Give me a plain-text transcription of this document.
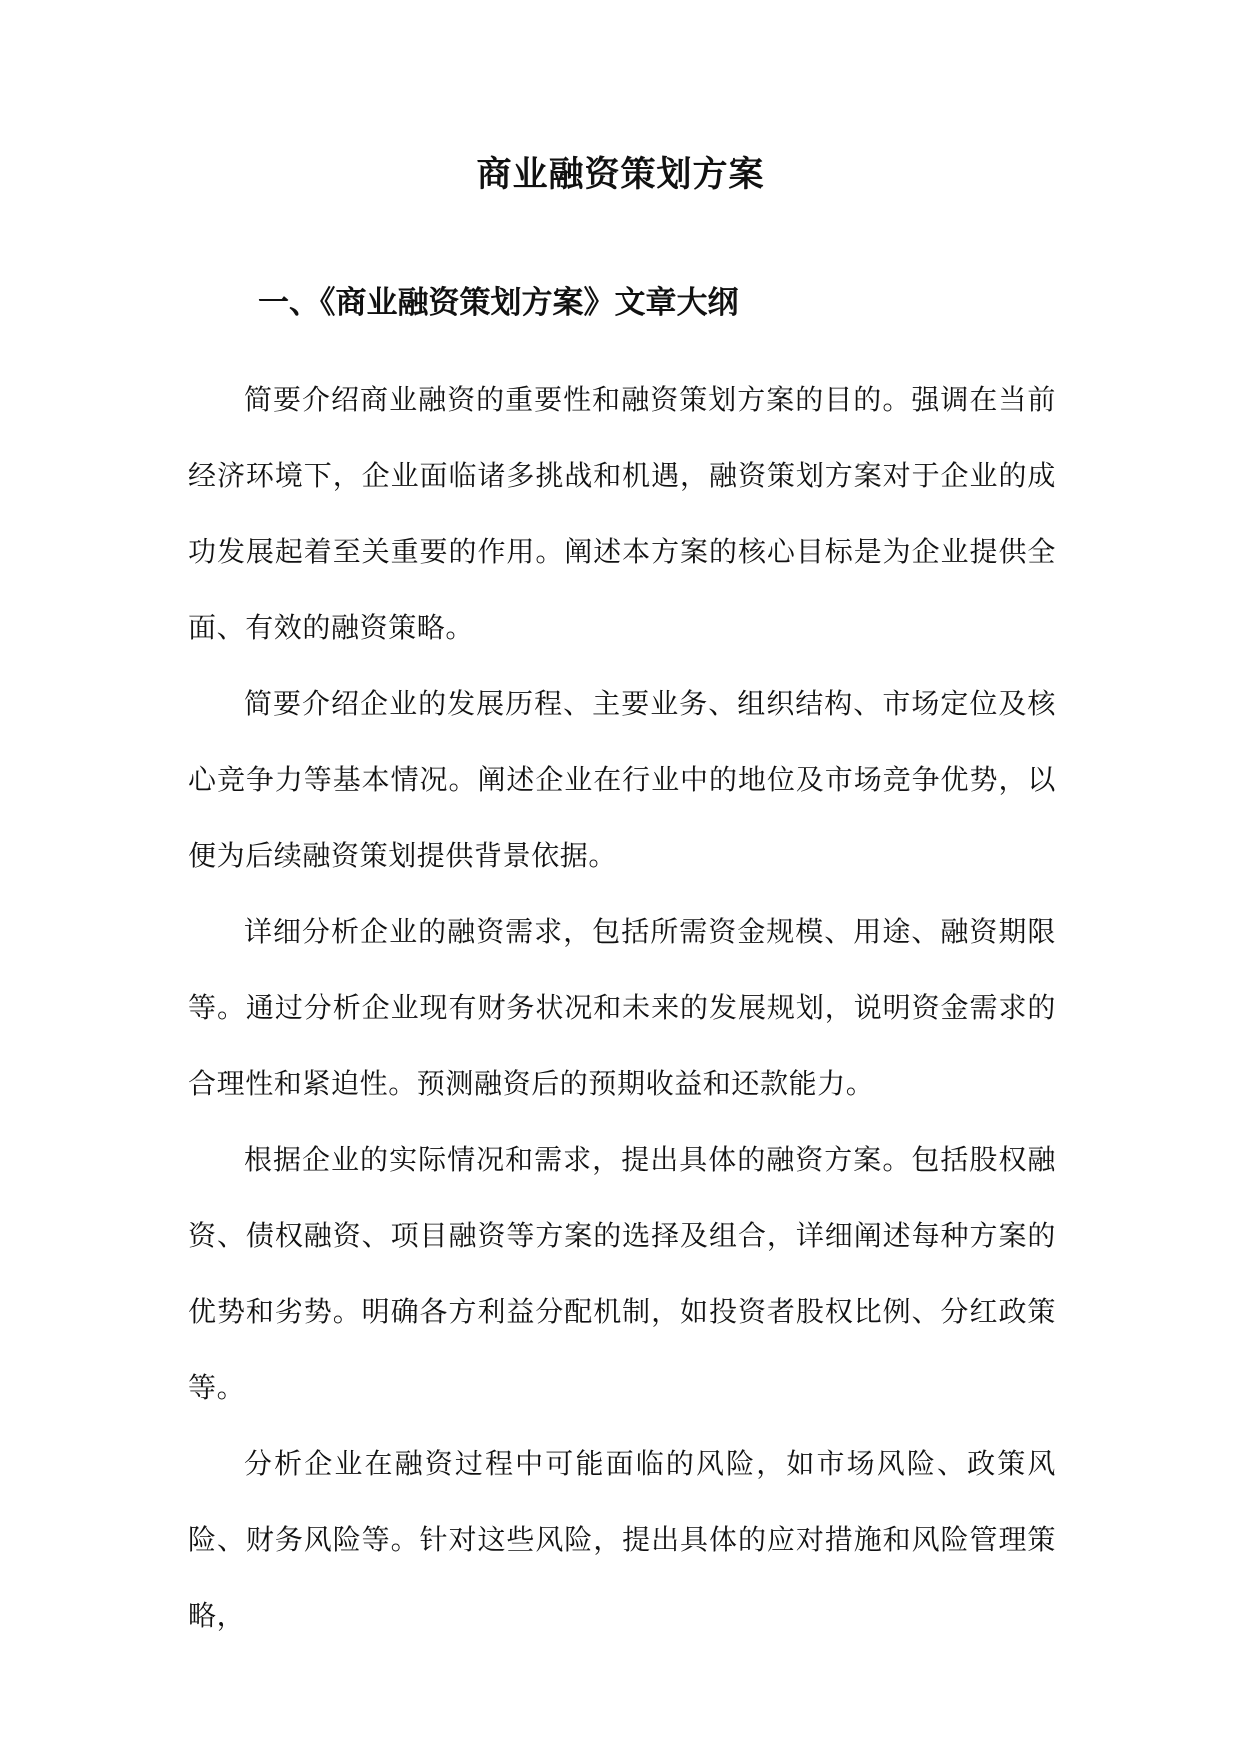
商业融资策划方案
一、《商业融资策划方案》文章大纲

简要介绍商业融资的重要性和融资策划方案的目的。强调在当前经济环境下，企业面临诸多挑战和机遇，融资策划方案对于企业的成功发展起着至关重要的作用。阐述本方案的核心目标是为企业提供全面、有效的融资策略。

简要介绍企业的发展历程、主要业务、组织结构、市场定位及核心竞争力等基本情况。阐述企业在行业中的地位及市场竞争优势，以便为后续融资策划提供背景依据。

详细分析企业的融资需求，包括所需资金规模、用途、融资期限等。通过分析企业现有财务状况和未来的发展规划，说明资金需求的合理性和紧迫性。预测融资后的预期收益和还款能力。

根据企业的实际情况和需求，提出具体的融资方案。包括股权融资、债权融资、项目融资等方案的选择及组合，详细阐述每种方案的优势和劣势。明确各方利益分配机制，如投资者股权比例、分红政策等。

分析企业在融资过程中可能面临的风险，如市场风险、政策风险、财务风险等。针对这些风险，提出具体的应对措施和风险管理策略，
